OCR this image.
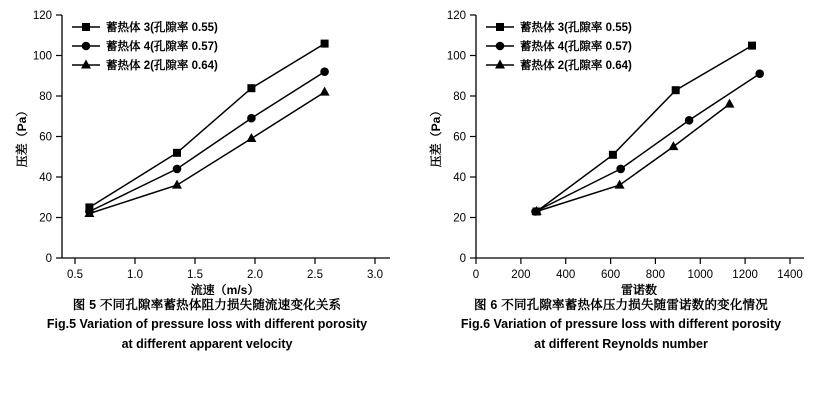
0
20
40
60
80
100
120
0.5	1.0	1.5	2.0	2.5	3.0
流速（m/s）
压差（Pa）
蓄热体 3(孔隙率 0.55)
蓄热体 4(孔隙率 0.57)
蓄热体 2(孔隙率 0.64)
图 5 不同孔隙率蓄热体阻力损失随流速变化关系
Fig.5 Variation of pressure loss with different porosity
at different apparent velocity
0
20
40
60
80
100
120
0	200 400 600 800 1000 1200 1400
雷诺数
压差（Pa）
蓄热体 3(孔隙率 0.55)
蓄热体 4(孔隙率 0.57)
蓄热体 2(孔隙率 0.64)
图 6 不同孔隙率蓄热体压力损失随雷诺数的变化情况
Fig.6 Variation of pressure loss with different porosity
at different Reynolds number
